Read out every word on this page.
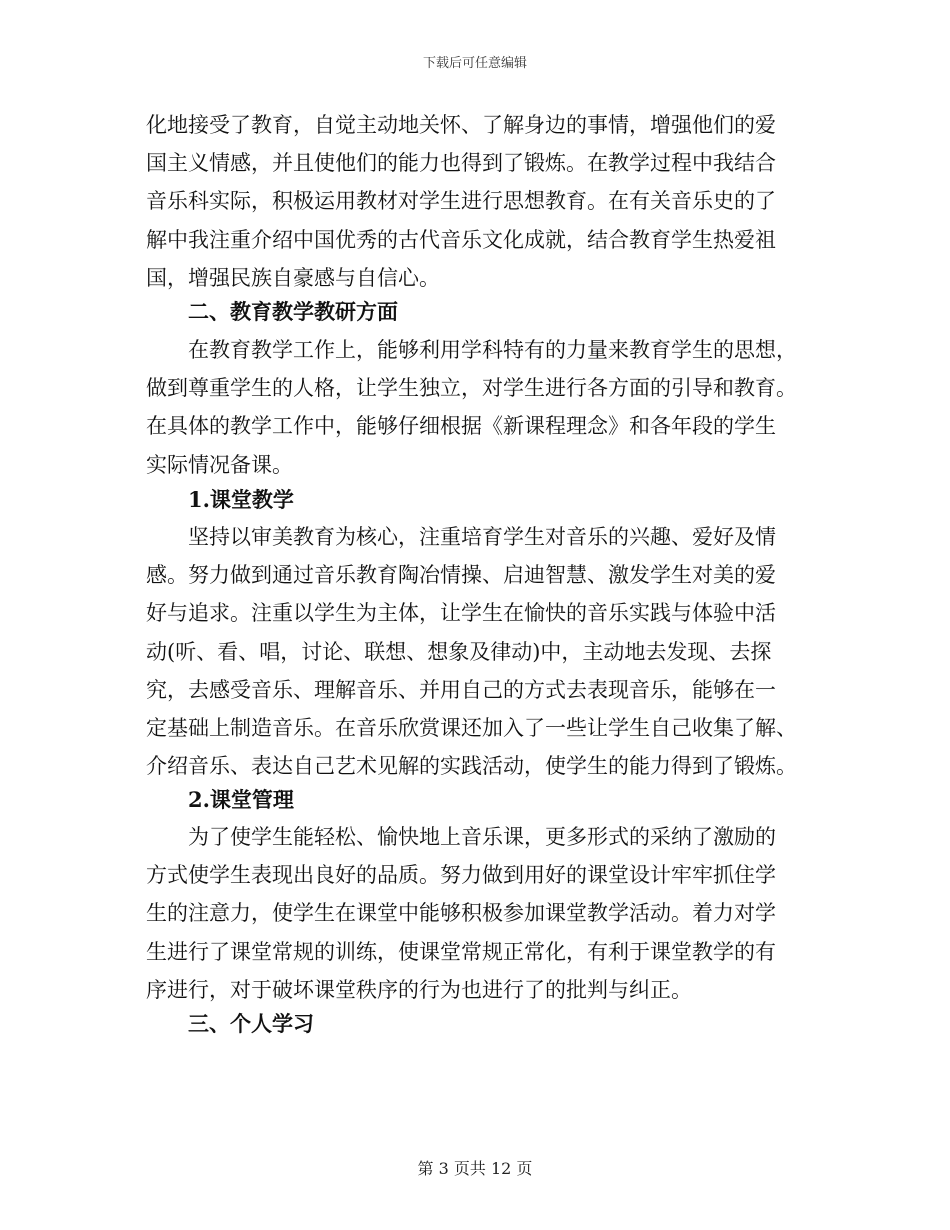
下载后可任意编辑
化地接受了教育，自觉主动地关怀、了解身边的事情，增强他们的爱
国主义情感，并且使他们的能力也得到了锻炼。在教学过程中我结合
音乐科实际，积极运用教材对学生进行思想教育。在有关音乐史的了
解中我注重介绍中国优秀的古代音乐文化成就，结合教育学生热爱祖
国，增强民族自豪感与自信心。
二、教育教学教研方面
在教育教学工作上，能够利用学科特有的力量来教育学生的思想，
做到尊重学生的人格，让学生独立，对学生进行各方面的引导和教育。
在具体的教学工作中，能够仔细根据《新课程理念》和各年段的学生
实际情况备课。
1.课堂教学
坚持以审美教育为核心，注重培育学生对音乐的兴趣、爱好及情
感。努力做到通过音乐教育陶冶情操、启迪智慧、激发学生对美的爱
好与追求。注重以学生为主体，让学生在愉快的音乐实践与体验中活
动(听、看、唱，讨论、联想、想象及律动)中，主动地去发现、去探
究，去感受音乐、理解音乐、并用自己的方式去表现音乐，能够在一
定基础上制造音乐。在音乐欣赏课还加入了一些让学生自己收集了解、
介绍音乐、表达自己艺术见解的实践活动，使学生的能力得到了锻炼。
2.课堂管理
为了使学生能轻松、愉快地上音乐课，更多形式的采纳了激励的
方式使学生表现出良好的品质。努力做到用好的课堂设计牢牢抓住学
生的注意力，使学生在课堂中能够积极参加课堂教学活动。着力对学
生进行了课堂常规的训练，使课堂常规正常化，有利于课堂教学的有
序进行，对于破坏课堂秩序的行为也进行了的批判与纠正。
三、个人学习
第 3 页共 12 页
